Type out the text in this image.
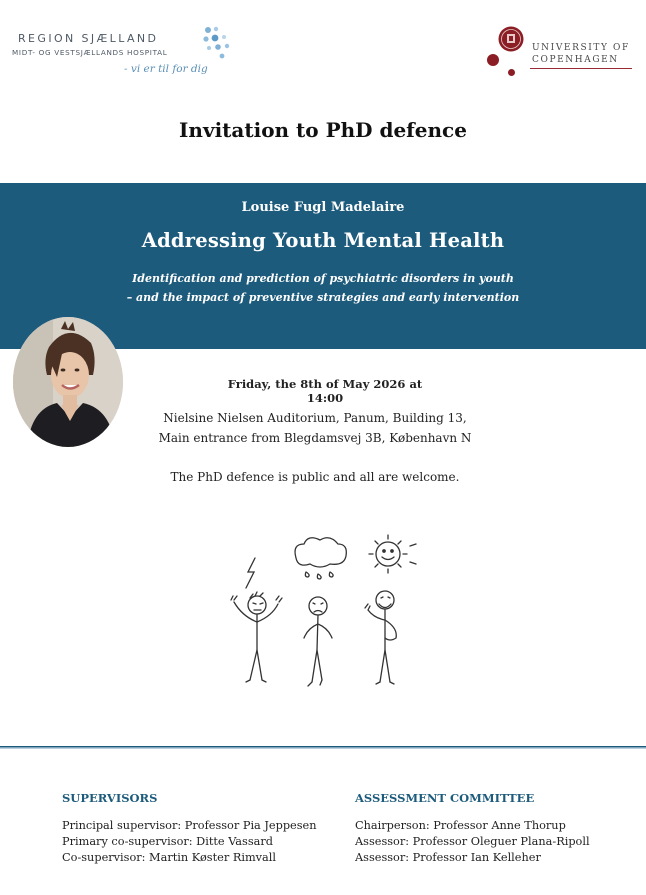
REGION SJÆLLAND
MIDT- OG VESTSJÆLLANDS HOSPITAL
- vi er til for dig
UNIVERSITY OF
COPENHAGEN
Invitation to PhD defence
Louise Fugl Madelaire
Addressing Youth Mental Health
Identification and prediction of psychiatric disorders in youth
– and the impact of preventive strategies and early intervention
Friday, the 8th of May 2026 at 14:00
Nielsine Nielsen Auditorium, Panum, Building 13,
Main entrance from Blegdamsvej 3B, København N
The PhD defence is public and all are welcome.
SUPERVISORS
Principal supervisor: Professor Pia Jeppesen
Primary co-supervisor: Ditte Vassard
Co-supervisor: Martin Køster Rimvall
ASSESSMENT COMMITTEE
Chairperson: Professor Anne Thorup
Assessor: Professor Oleguer Plana-Ripoll
Assessor: Professor Ian Kelleher
